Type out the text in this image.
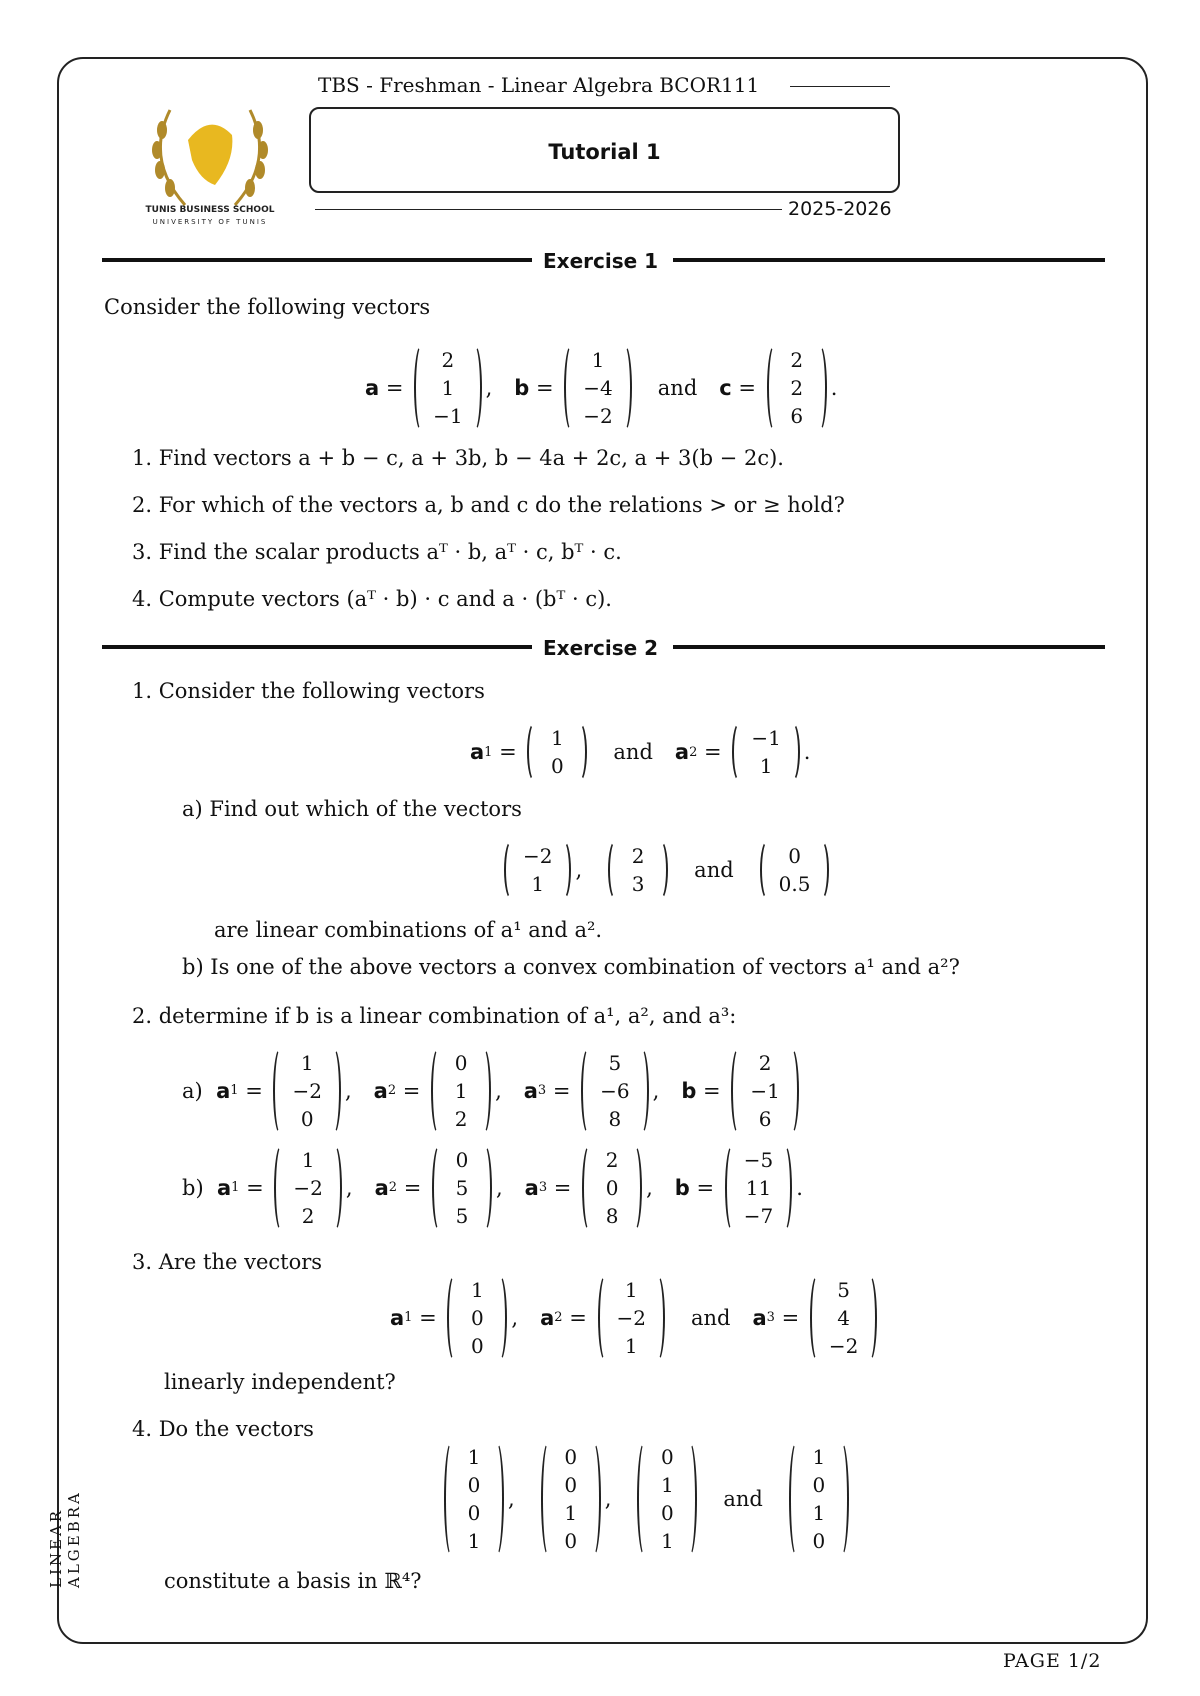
TUNIS BUSINESS SCHOOL
UNIVERSITY OF TUNIS
TBS - Freshman - Linear Algebra BCOR111
Tutorial 1
2025-2026
Exercise 1
Consider the following vectors
a =
2
1
−1
, b =
1
−4
−2
and c =
2
2
6
.
1. Find vectors a + b − c, a + 3b, b − 4a + 2c, a + 3(b − 2c).
2. For which of the vectors a, b and c do the relations > or ≥ hold?
3. Find the scalar products aᵀ · b, aᵀ · c, bᵀ · c.
4. Compute vectors (aᵀ · b) · c and a · (bᵀ · c).
Exercise 2
1. Consider the following vectors
a 1 =
1
0
and a 2 =
−1
1
.
a) Find out which of the vectors
−2
1
,
2
3
and
0
0.5
are linear combinations of a¹ and a².
b) Is one of the above vectors a convex combination of vectors a¹ and a²?
2. determine if b is a linear combination of a¹, a², and a³:
a) a 1 =
1
−2
0
, a 2 =
0
1
2
, a 3 =
5
−6
8
, b =
2
−1
6
b) a 1 =
1
−2
2
, a 2 =
0
5
5
, a 3 =
2
0
8
, b =
−5
11
−7
.
3. Are the vectors
a 1 =
1
0
0
, a 2 =
1
−2
1
and a 3 =
5
4
−2
linearly independent?
4. Do the vectors
1
0
0
1
,
0
0
1
0
,
0
1
0
1
and
1
0
1
0
constitute a basis in ℝ⁴?
LINEAR ALGEBRA
PAGE 1/2
